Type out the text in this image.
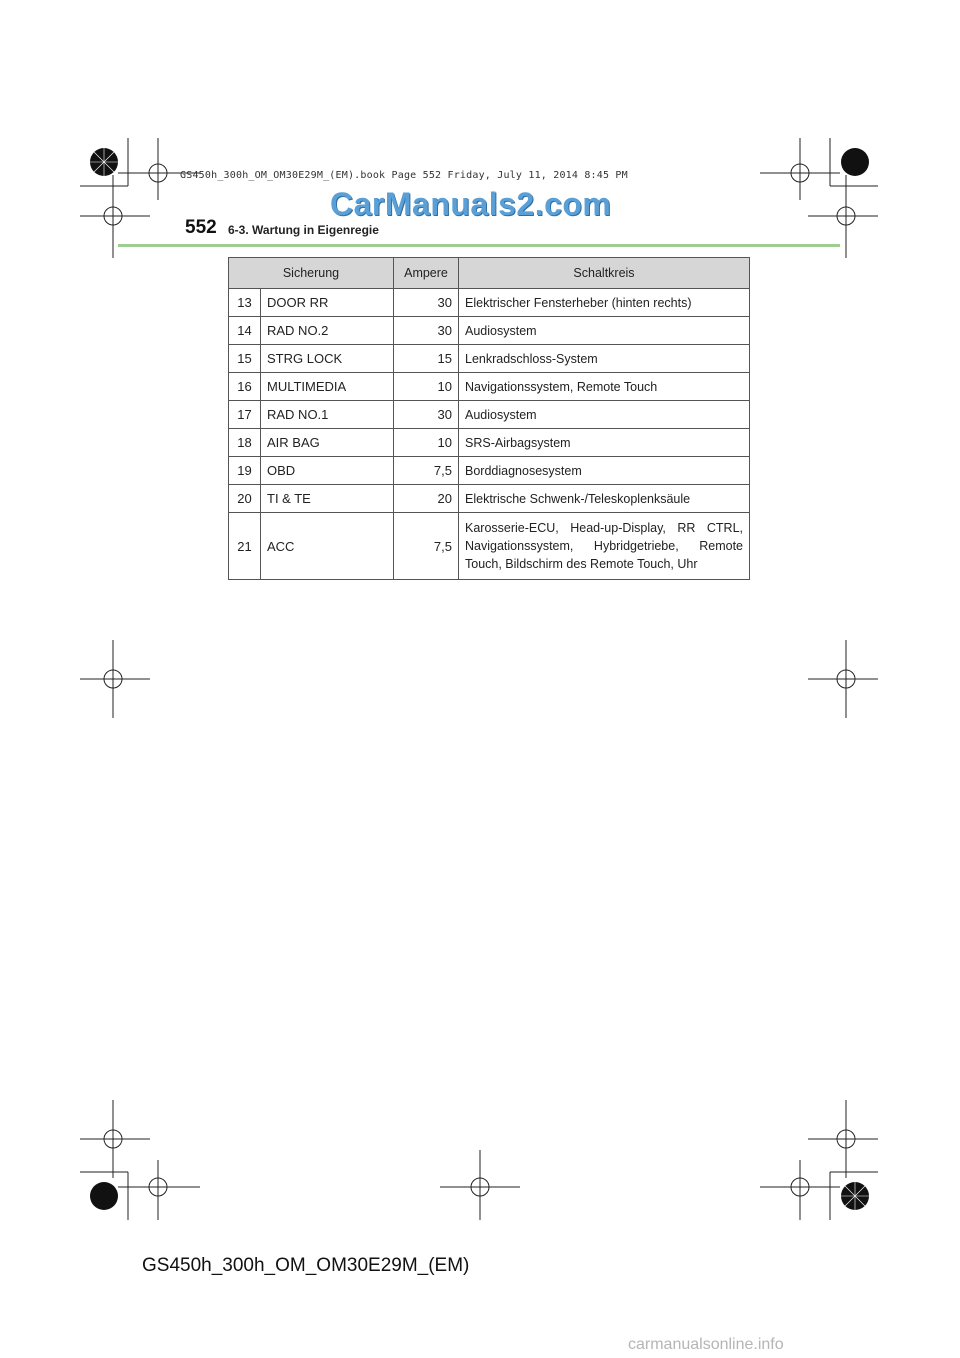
GS450h_300h_OM_OM30E29M_(EM).book Page 552 Friday, July 11, 2014 8:45 PM
CarManuals2.com
552 6-3. Wartung in Eigenregie
Sicherung		Ampere	Schaltkreis
13	DOOR RR	30	Elektrischer Fensterheber (hinten rechts)
14	RAD NO.2	30	Audiosystem
15	STRG LOCK	15	Lenkradschloss-System
16	MULTIMEDIA	10	Navigationssystem, Remote Touch
17	RAD NO.1	30	Audiosystem
18	AIR BAG	10	SRS-Airbagsystem
19	OBD	7,5	Borddiagnosesystem
20	TI & TE	20	Elektrische Schwenk-/Teleskoplenksäule
21	ACC	7,5	Karosserie-ECU, Head-up-Display, RR CTRL, Navigationssystem, Hybridgetriebe, Remote Touch, Bildschirm des Remote Touch, Uhr
GS450h_300h_OM_OM30E29M_(EM)
carmanualsonline.info
